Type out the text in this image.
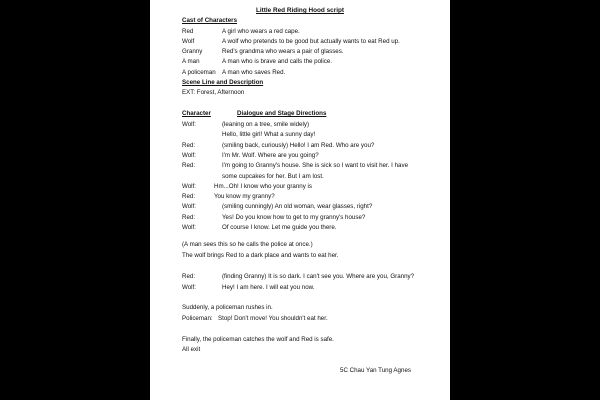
Little Red Riding Hood script
Cast of Characters
Red	A girl who wears a red cape.
Wolf	A wolf who pretends to be good but actually wants to eat Red up.
Granny	Red's grandma who wears a pair of glasses.
A man	A man who is brave and calls the police.
A policeman A man who saves Red.
Scene Line and Description
EXT: Forest, Afternoon
Character	Dialogue and Stage Directions
Wolf:	(leaning on a tree, smile widely)
Hello, little girl! What a sunny day!
Red:	(smiling back, curiously) Hello! I am Red. Who are you?
Wolf:	I'm Mr. Wolf. Where are you going?
Red:	I'm going to Granny's house. She is sick so I want to visit her. I have
some cupcakes for her. But I am lost.
Wolf:	Hm...Oh! I know who your granny is
Red:	You know my granny?
Wolf:	(smiling cunningly) An old woman, wear glasses, right?
Red:	Yes! Do you know how to get to my granny's house?
Wolf:	Of course I know. Let me guide you there.
(A man sees this so he calls the police at once.)
The wolf brings Red to a dark place and wants to eat her.
Red:	(finding Granny) It is so dark. I can't see you. Where are you, Granny?
Wolf:	Hey! I am here. I will eat you now.
Suddenly, a policeman rushes in.
Policeman: Stop! Don't move! You shouldn't eat her.
Finally, the policeman catches the wolf and Red is safe.
All exit
5C Chau Yan Tung Agnes
